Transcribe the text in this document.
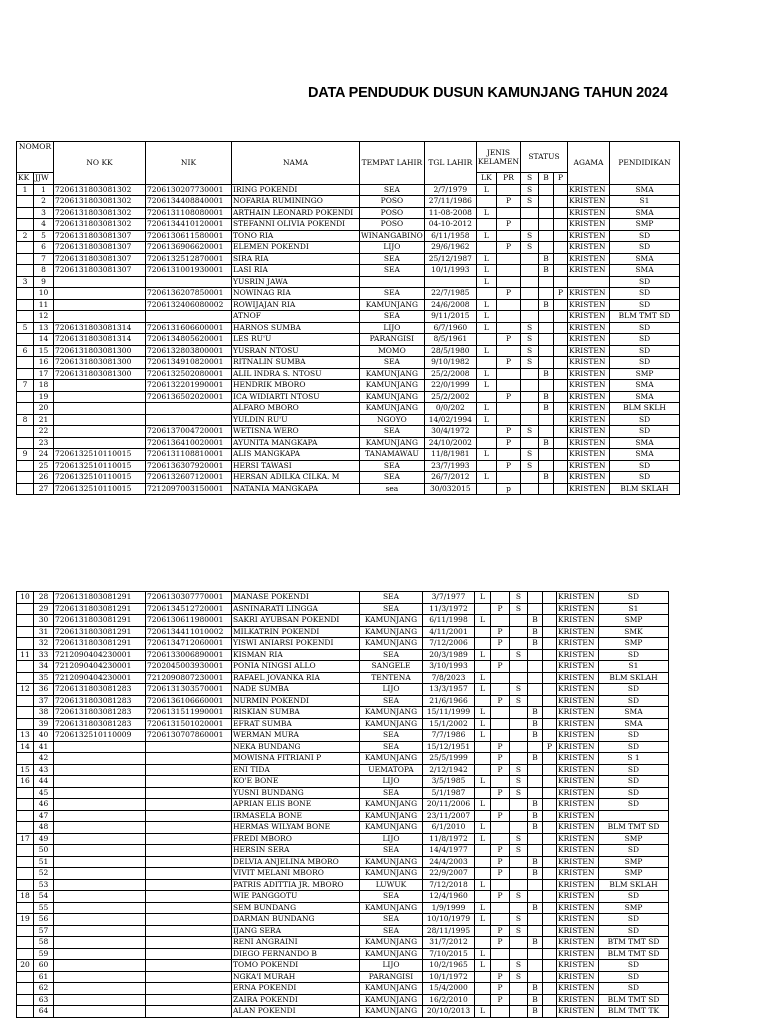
DATA PENDUDUK DUSUN KAMUNJANG TAHUN 2024
NOMOR		NO KK	NIK	NAMA	TEMPAT LAHIR	TGL LAHIR	JENIS
KELAMEN		STATUS			AGAMA	PENDIDIKAN
KK	JJW						LK	PR	S	B	P		
1	1	7206131803081302	7206130207730001	IRING POKENDI	SEA	2/7/1979	L		S			KRISTEN	SMA
	2	7206131803081302	7206134408840001	NOFARIA RUMININGO	POSO	27/11/1986		P	S			KRISTEN	S1
	3	7206131803081302	7206131108080001	ARTHAIN LEONARD POKENDI	POSO	11-08-2008	L					KRISTEN	SMA
	4	7206131803081302	7206134410120001	STEFANNI OLIVIA POKENDI	POSO	04-10-2012		P				KRISTEN	SMP
2	5	7206131803081307	7206130611580001	TONO RIA	WINANGABINO	6/11/1958	L		S			KRISTEN	SD
	6	7206131803081307	7206136906620001	ELEMEN POKENDI	LIJO	29/6/1962		P	S			KRISTEN	SD
	7	7206131803081307	7206132512870001	SIRA RIA	SEA	25/12/1987	L			B		KRISTEN	SMA
	8	7206131803081307	7206131001930001	LASI RIA	SEA	10/1/1993	L			B		KRISTEN	SMA
3	9			YUSRIN JAWA			L						SD
	10		7206136207850001	NOWINAG RIA	SEA	22/7/1985		P			P	KRISTEN	SD
	11		7206132406080002	ROWIJAJAN RIA	KAMUNJANG	24/6/2008	L			B		KRISTEN	SD
	12			ATNOF	SEA	9/11/2015	L					KRISTEN	BLM TMT SD
5	13	7206131803081314	7206131606600001	HARNOS SUMBA	LIJO	6/7/1960	L		S			KRISTEN	SD
	14	7206131803081314	7206134805620001	LES RU'U	PARANGISI	8/5/1961		P	S			KRISTEN	SD
6	15	7206131803081300	7206132803800001	YUSRAN NTOSU	MOMO	28/5/1980	L		S			KRISTEN	SD
	16	7206131803081300	7206134910820001	RITNALIN SUMBA	SEA	9/10/1982		P	S			KRISTEN	SD
	17	7206131803081300	7206132502080001	ALIL INDRA S. NTOSU	KAMUNJANG	25/2/2008	L			B		KRISTEN	SMP
7	18		7206132201990001	HENDRIK MBORO	KAMUNJANG	22/0/1999	L					KRISTEN	SMA
	19		7206136502020001	ICA WIDIARTI NTOSU	KAMUNJANG	25/2/2002		P		B		KRISTEN	SMA
	20			ALFARO MBORO	KAMUNJANG	0/0/202	L			B		KRISTEN	BLM SKLH
8	21			YULDIN RU'U	NGOYO	14/02/1994	L					KRISTEN	SD
	22		7206137004720001	WETISNA WERO	SEA	30/4/1972		P	S			KRISTEN	SD
	23		7206136410020001	AYUNITA MANGKAPA	KAMUNJANG	24/10/2002		P		B		KRISTEN	SMA
9	24	7206132510110015	7206131108810001	ALIS MANGKAPA	TANAMAWAU	11/8/1981	L		S			KRISTEN	SMA
	25	7206132510110015	7206136307920001	HERSI TAWASI	SEA	23/7/1993		P	S			KRISTEN	SD
	26	7206132510110015	7206132607120001	HERSAN ADILKA CILKA. M	SEA	26/7/2012	L			B		KRISTEN	SD
	27	7206132510110015	7212097003150001	NATANIA MANGKAPA	sea	30/032015		p				KRISTEN	BLM SKLAH
10	28	7206131803081291	7206130307770001	MANASE POKENDI	SEA	3/7/1977	L		S			KRISTEN	SD
	29	7206131803081291	7206134512720001	ASNINARATI LINGGA	SEA	11/3/1972		P	S			KRISTEN	S1
	30	7206131803081291	7206130611980001	SAKRI AYUBSAN POKENDI	KAMUNJANG	6/11/1998	L			B		KRISTEN	SMP
	31	7206131803081291	7206134411010002	MILKATRIN POKENDI	KAMUNJANG	4/11/2001		P		B		KRISTEN	SMK
	32	7206131803081291	7206134712060001	YISWI ANIARSI POKENDI	KAMUNJANG	7/12/2006		P		B		KRISTEN	SMP
11	33	7212090404230001	7206133006890001	KISMAN RIA	SEA	20/3/1989	L		S			KRISTEN	SD
	34	7212090404230001	7202045003930001	PONIA NINGSI ALLO	SANGELE	3/10/1993		P				KRISTEN	S1
	35	7212090404230001	7212090807230001	RAFAEL JOVANKA RIA	TENTENA	7/8/2023	L					KRISTEN	BLM SKLAH
12	36	7206131803081283	7206131303570001	NADE SUMBA	LIJO	13/3/1957	L		S			KRISTEN	SD
	37	7206131803081283	7206136106660001	NURMIN POKENDI	SEA	21/6/1966		P	S			KRISTEN	SD
	38	7206131803081283	7206131511990001	RISKIAN SUMBA	KAMUNJANG	15/11/1999	L			B		KRISTEN	SMA
	39	7206131803081283	7206131501020001	EFRAT SUMBA	KAMUNJANG	15/1/2002	L			B		KRISTEN	SMA
13	40	7206132510110009	7206130707860001	WERMAN MURA	SEA	7/7/1986	L			B		KRISTEN	SD
14	41			NEKA BUNDANG	SEA	15/12/1951		P			P	KRISTEN	SD
	42			MOWISNA FITRIANI P	KAMUNJANG	25/5/1999		P		B		KRISTEN	S 1
15	43			ENI TIDA	UEMATOPA	2/12/1942		P	S			KRISTEN	SD
16	44			KO'E BONE	LIJO	3/5/1985	L		S			KRISTEN	SD
	45			YUSNI BUNDANG	SEA	5/1/1987		P	S			KRISTEN	SD
	46			APRIAN ELIS BONE	KAMUNJANG	20/11/2006	L			B		KRISTEN	SD
	47			IRMASELA BONE	KAMUNJANG	23/11/2007		P		B		KRISTEN	
	48			HERMAS WILYAM BONE	KAMUNJANG	6/1/2010	L			B		KRISTEN	BLM TMT SD
17	49			FREDI MBORO	LIJO	11/8/1972	L		S			KRISTEN	SMP
	50			HERSIN SERA	SEA	14/4/1977		P	S			KRISTEN	SD
	51			DELVIA ANJELINA MBORO	KAMUNJANG	24/4/2003		P		B		KRISTEN	SMP
	52			VIVIT MELANI MBORO	KAMUNJANG	22/9/2007		P		B		KRISTEN	SMP
	53			PATRIS ADITTIA JR. MBORO	LUWUK	7/12/2018	L					KRISTEN	BLM SKLAH
18	54			WIE PANGGOTU	SEA	12/4/1960		P	S			KRISTEN	SD
	55			SEM BUNDANG	KAMUNJANG	1/9/1999	L			B		KRISTEN	SMP
19	56			DARMAN BUNDANG	SEA	10/10/1979	L		S			KRISTEN	SD
	57			IJANG SERA	SEA	28/11/1995		P	S			KRISTEN	SD
	58			RENI ANGRAINI	KAMUNJANG	31/7/2012		P		B		KRISTEN	BTM TMT SD
	59			DIEGO FERNANDO B	KAMUNJANG	7/10/2015	L					KRISTEN	BLM TMT SD
20	60			TOMO POKENDI	LIJO	10/2/1965	L		S			KRISTEN	SD
	61			NGKA'I MURAH	PARANGISI	10/1/1972		P	S			KRISTEN	SD
	62			ERNA POKENDI	KAMUNJANG	15/4/2000		P		B		KRISTEN	SD
	63			ZAIRA POKENDI	KAMUNJANG	16/2/2010		P		B		KRISTEN	BLM TMT SD
	64			ALAN POKENDI	KAMUNJANG	20/10/2013	L			B		KRISTEN	BLM TMT TK
